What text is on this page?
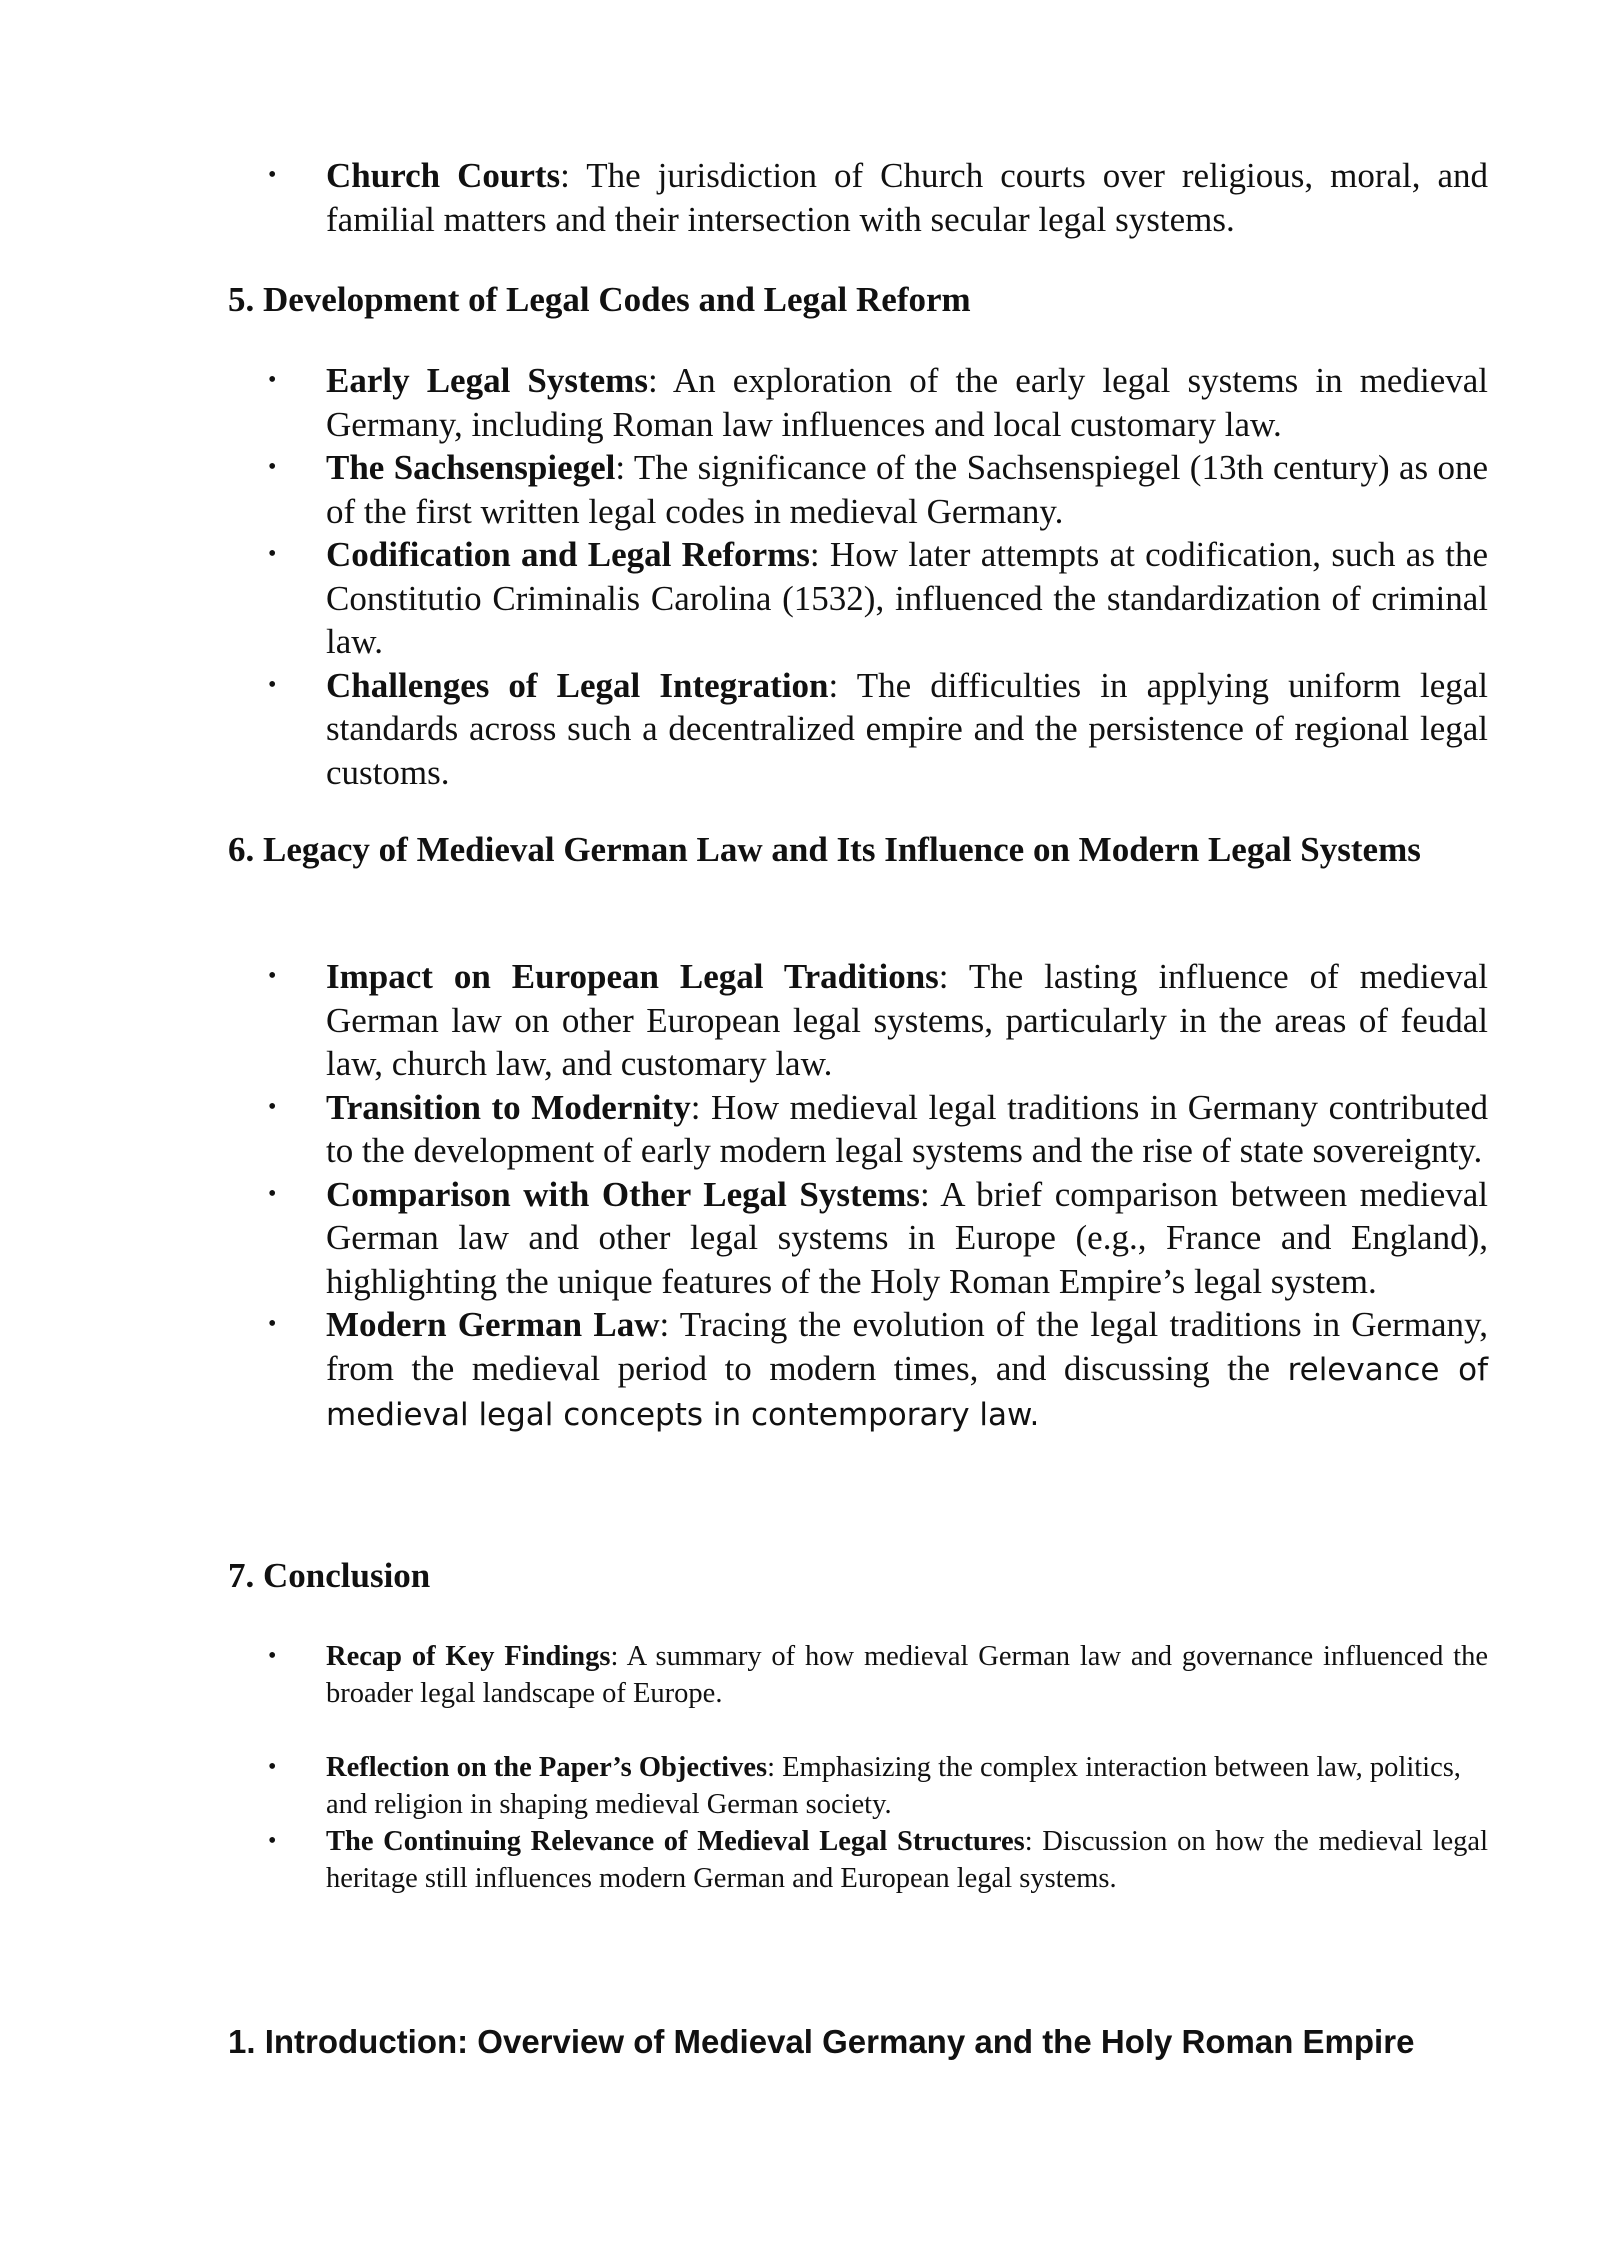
• Church Courts: The jurisdiction of Church courts over religious, moral, and familial matters and their intersection with secular legal systems.
5. Development of Legal Codes and Legal Reform
• Early Legal Systems: An exploration of the early legal systems in medieval Germany, including Roman law influences and local customary law.
• The Sachsenspiegel: The significance of the Sachsenspiegel (13th century) as one of the first written legal codes in medieval Germany.
• Codification and Legal Reforms: How later attempts at codification, such as the Constitutio Criminalis Carolina (1532), influenced the standardization of criminal law.
• Challenges of Legal Integration: The difficulties in applying uniform legal standards across such a decentralized empire and the persistence of regional legal customs.
6. Legacy of Medieval German Law and Its Influence on Modern Legal Systems
• Impact on European Legal Traditions: The lasting influence of medieval German law on other European legal systems, particularly in the areas of feudal law, church law, and customary law.
• Transition to Modernity: How medieval legal traditions in Germany contributed to the development of early modern legal systems and the rise of state sovereignty.
• Comparison with Other Legal Systems: A brief comparison between medieval German law and other legal systems in Europe (e.g., France and England), highlighting the unique features of the Holy Roman Empire’s legal system.
• Modern German Law: Tracing the evolution of the legal traditions in Germany, from the medieval period to modern times, and discussing the relevance of medieval legal concepts in contemporary law.
7. Conclusion
• Recap of Key Findings: A summary of how medieval German law and governance influenced the broader legal landscape of Europe.
• Reflection on the Paper’s Objectives: Emphasizing the complex interaction between law, politics, and religion in shaping medieval German society.
• The Continuing Relevance of Medieval Legal Structures: Discussion on how the medieval legal heritage still influences modern German and European legal systems.
1. Introduction: Overview of Medieval Germany and the Holy Roman Empire
